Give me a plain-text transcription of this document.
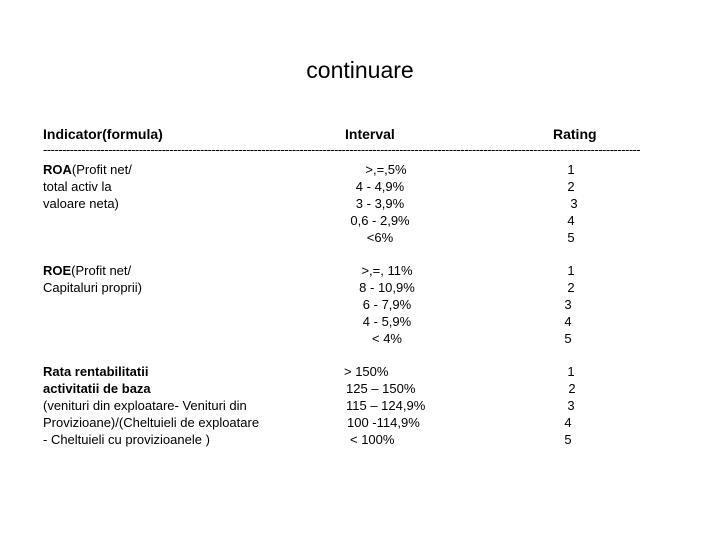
continuare
Indicator(formula)	Interval	Rating
------------------------------------------------------------------------------------------------------------------------------------------------------------
ROA(Profit net/
total activ la
valoare neta)
>,=,5%
4 - 4,9%
3 - 3,9%
0,6 - 2,9%
<6%
1
2
3
4
5
ROE(Profit net/
Capitaluri proprii)
>,=, 11%
8 - 10,9%
6 - 7,9%
4 - 5,9%
< 4%
1
2
3
4
5
Rata rentabilitatii
activitatii de baza
(venituri din exploatare- Venituri din
Provizioane)/(Cheltuieli de exploatare
- Cheltuieli cu provizioanele )
> 150%
125 – 150%
115 – 124,9%
100 -114,9%
< 100%
1
2
3
4
5
